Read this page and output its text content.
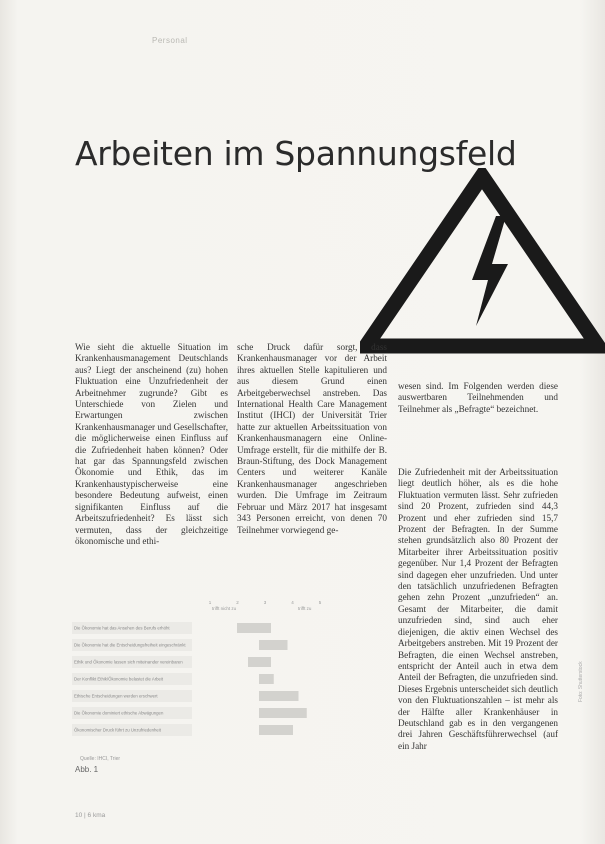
Personal
Arbeiten im Spannungsfeld

Wie sieht die aktuelle Situation im Krankenhausmanagement Deutschlands aus? Liegt der anscheinend (zu) hohen Fluktuation eine Unzufriedenheit der Arbeitnehmer zugrunde? Gibt es Unterschiede von Zielen und Erwartungen zwischen Krankenhausmanager und Gesellschafter, die möglicherweise einen Einfluss auf die Zufriedenheit haben können? Oder hat gar das Spannungsfeld zwischen Ökonomie und Ethik, das im Krankenhaustypischerweise eine besondere Bedeutung aufweist, einen signifikanten Einfluss auf die Arbeitszufriedenheit? Es lässt sich vermuten, dass der gleichzeitige ökonomische und ethi-

sche Druck dafür sorgt, dass Krankenhausmanager vor der Arbeit ihres aktuellen Stelle kapitulieren und aus diesem Grund einen Arbeitgeberwechsel anstreben. Das International Health Care Management Institut (IHCI) der Universität Trier hatte zur aktuellen Arbeitssituation von Krankenhausmanagern eine Online-Umfrage erstellt, für die mithilfe der B. Braun-Stiftung, des Dock Management Centers und weiterer Kanäle Krankenhausmanager angeschrieben wurden. Die Umfrage im Zeitraum Februar und März 2017 hat insgesamt 343 Personen erreicht, von denen 70 Teilnehmer vorwiegend ge-

wesen sind. Im Folgenden werden diese auswertbaren Teilnehmenden und Teilnehmer als „Befragte“ bezeichnet.

Die Zufriedenheit mit der Arbeitssituation liegt deutlich höher, als es die hohe Fluktuation vermuten lässt. Sehr zufrieden sind 20 Prozent, zufrieden sind 44,3 Prozent und eher zufrieden sind 15,7 Prozent der Befragten. In der Summe stehen grundsätzlich also 80 Prozent der Mitarbeiter ihrer Arbeitssituation positiv gegenüber. Nur 1,4 Prozent der Befragten sind dagegen eher unzufrieden. Und unter den tatsächlich unzufriedenen Befragten gehen zehn Prozent „unzufrieden“ an. Gesamt der Mitarbeiter, die damit unzufrieden sind, sind auch eher diejenigen, die aktiv einen Wechsel des Arbeitgebers anstreben. Mit 19 Prozent der Befragten, die einen Wechsel anstreben, entspricht der Anteil auch in etwa dem Anteil der Befragten, die unzufrieden sind. Dieses Ergebnis unterscheidet sich deutlich von den Fluktuationszahlen – ist mehr als der Hälfte aller Krankenhäuser in Deutschland gab es in den vergangenen drei Jahren Geschäftsführerwechsel (auf ein Jahr

1	2	3	4	5
trifft nicht zu	trifft zu
Die Ökonomie hat das Ansehen des Berufs erhöht
Die Ökonomie hat die Entscheidungsfreiheit eingeschränkt
Ethik und Ökonomie lassen sich miteinander vereinbaren
Der Konflikt Ethik/Ökonomie belastet die Arbeit
Ethische Entscheidungen werden erschwert
Die Ökonomie dominiert ethische Abwägungen
Ökonomischer Druck führt zu Unzufriedenheit
Quelle: IHCI, Trier
Abb. 1
10 | 6 kma
Foto: Shutterstock
